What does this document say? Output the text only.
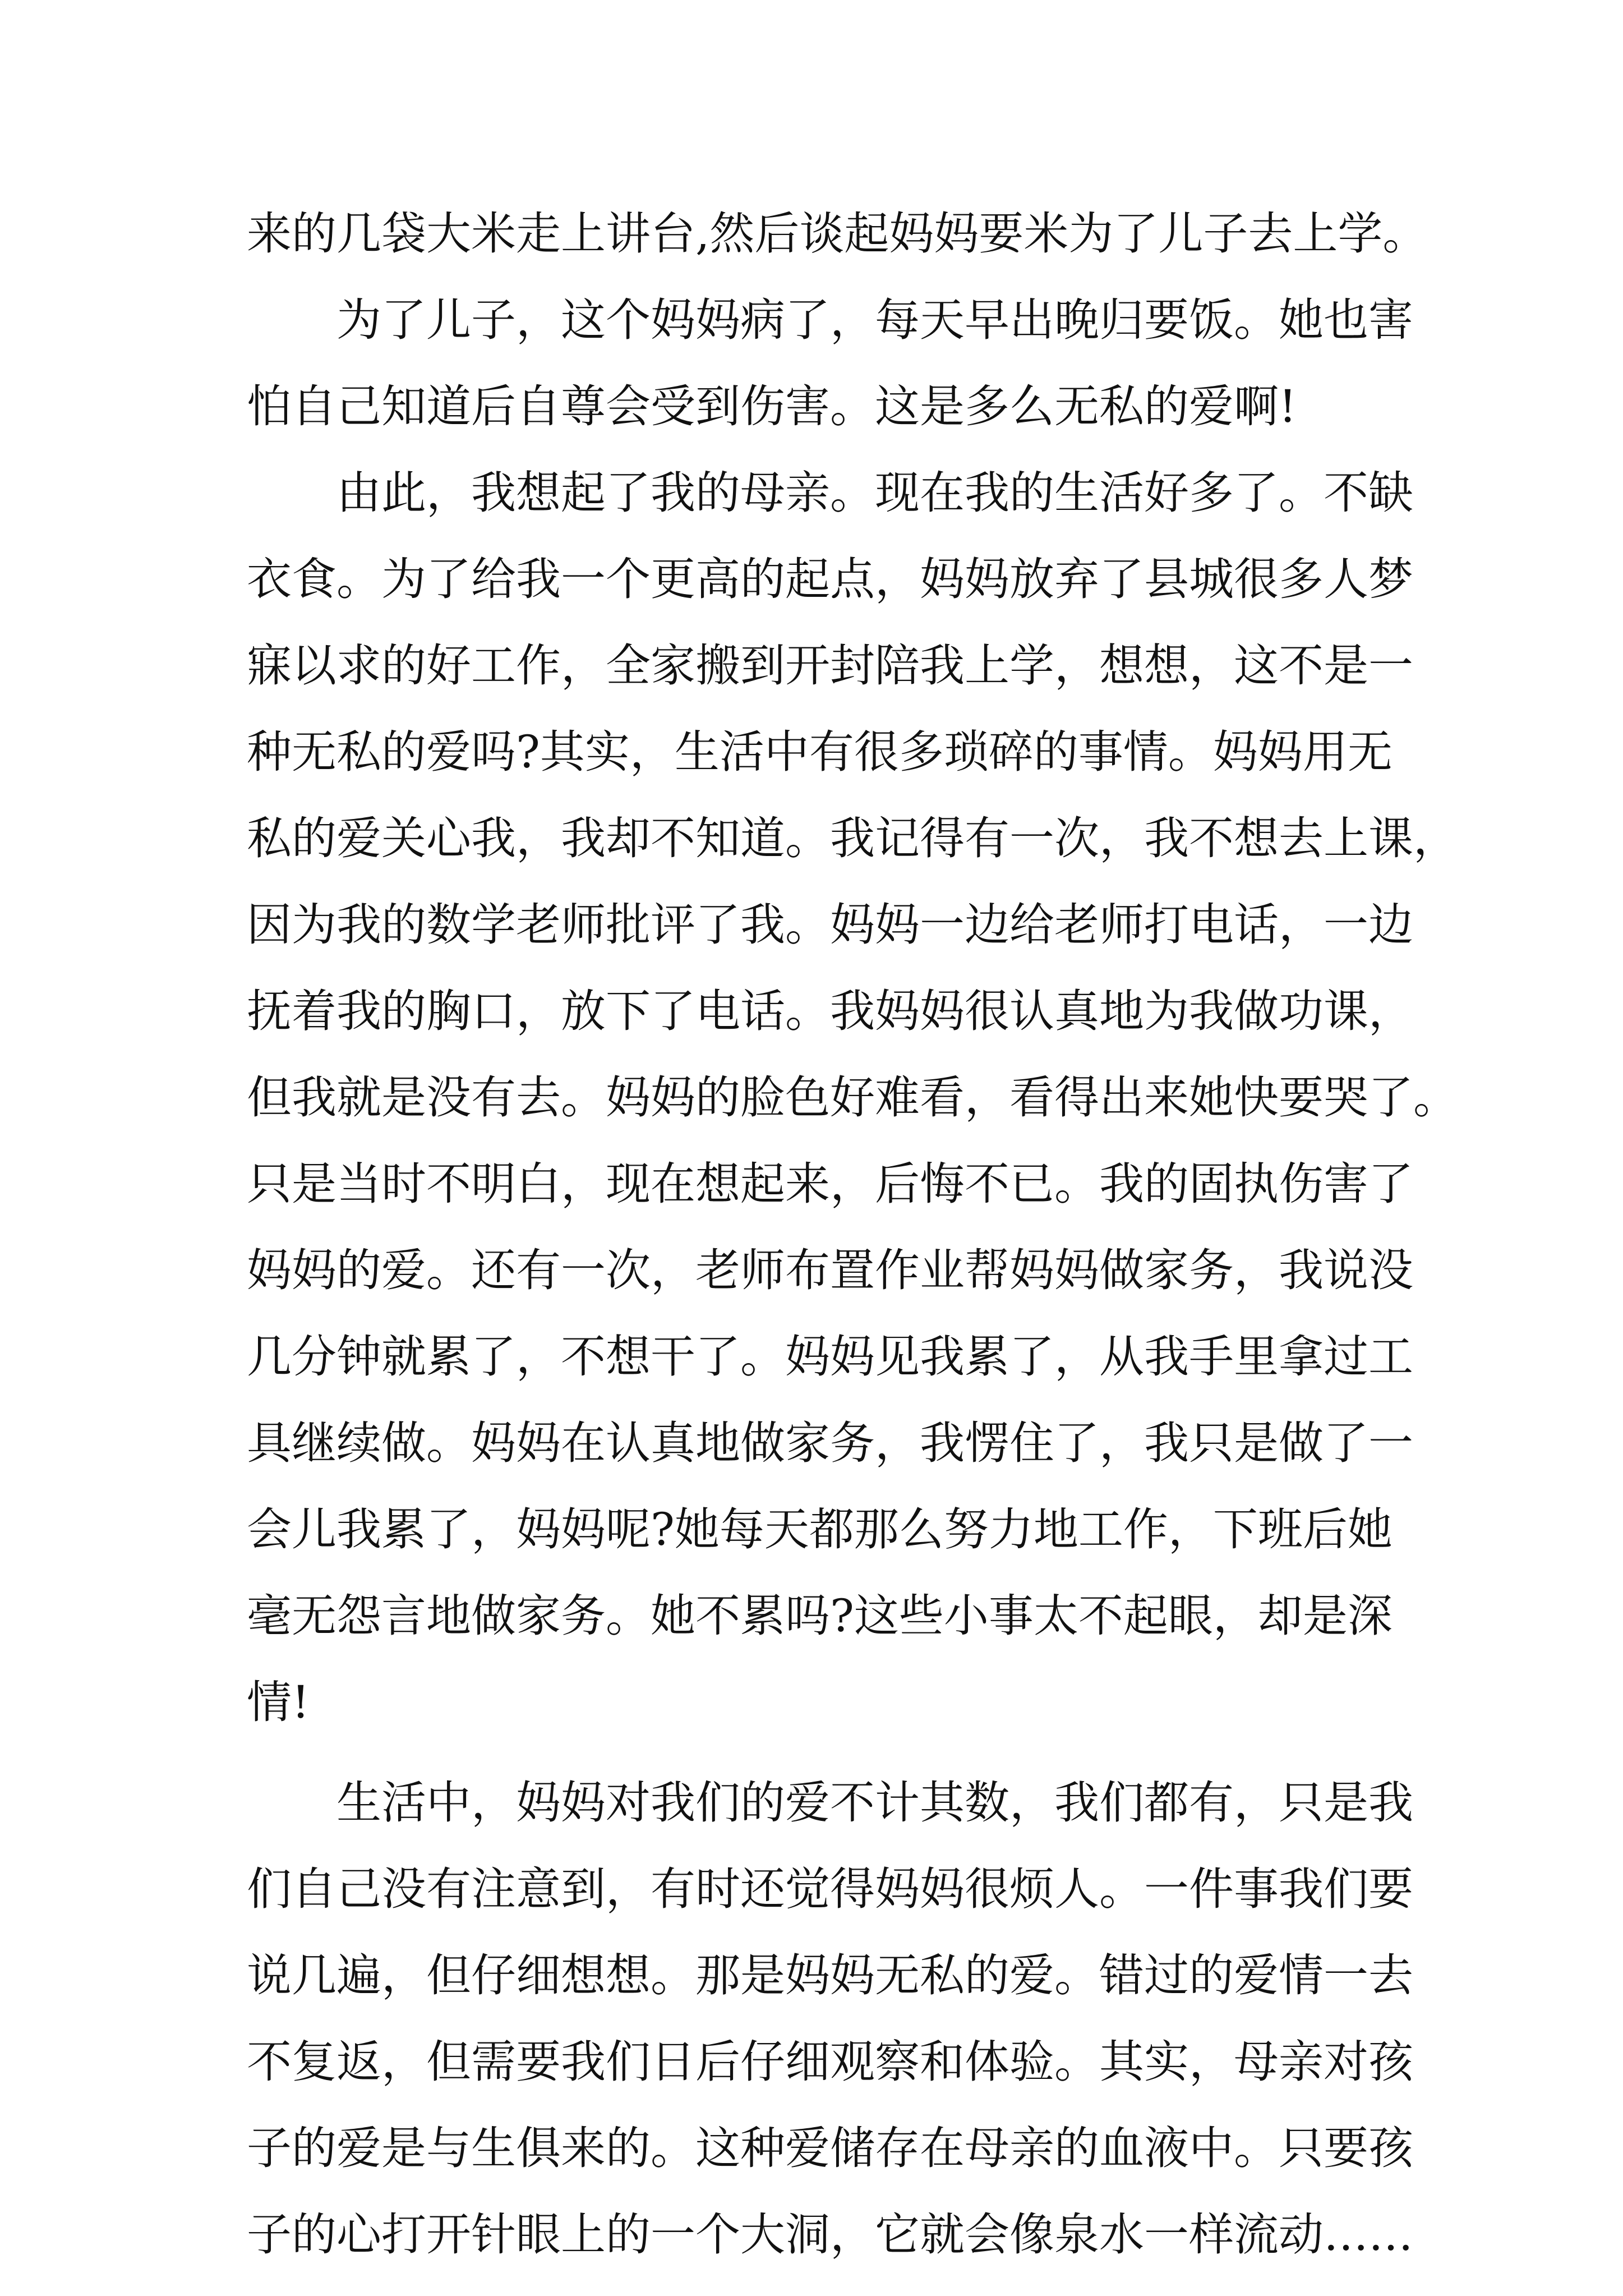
来的几袋大米走上讲台,然后谈起妈妈要米为了儿子去上学。
为了儿子，这个妈妈病了，每天早出晚归要饭。她也害
怕自己知道后自尊会受到伤害。这是多么无私的爱啊!
由此，我想起了我的母亲。现在我的生活好多了。不缺
衣食。为了给我一个更高的起点，妈妈放弃了县城很多人梦
寐以求的好工作，全家搬到开封陪我上学，想想，这不是一
种无私的爱吗?其实，生活中有很多琐碎的事情。妈妈用无
私的爱关心我，我却不知道。我记得有一次，我不想去上课，
因为我的数学老师批评了我。妈妈一边给老师打电话，一边
抚着我的胸口，放下了电话。我妈妈很认真地为我做功课，
但我就是没有去。妈妈的脸色好难看，看得出来她快要哭了。
只是当时不明白，现在想起来，后悔不已。我的固执伤害了
妈妈的爱。还有一次，老师布置作业帮妈妈做家务，我说没
几分钟就累了，不想干了。妈妈见我累了，从我手里拿过工
具继续做。妈妈在认真地做家务，我愣住了，我只是做了一
会儿我累了，妈妈呢?她每天都那么努力地工作，下班后她
毫无怨言地做家务。她不累吗?这些小事太不起眼，却是深
情!
生活中，妈妈对我们的爱不计其数，我们都有，只是我
们自己没有注意到，有时还觉得妈妈很烦人。一件事我们要
说几遍，但仔细想想。那是妈妈无私的爱。错过的爱情一去
不复返，但需要我们日后仔细观察和体验。其实，母亲对孩
子的爱是与生俱来的。这种爱储存在母亲的血液中。只要孩
子的心打开针眼上的一个大洞，它就会像泉水一样流动……
